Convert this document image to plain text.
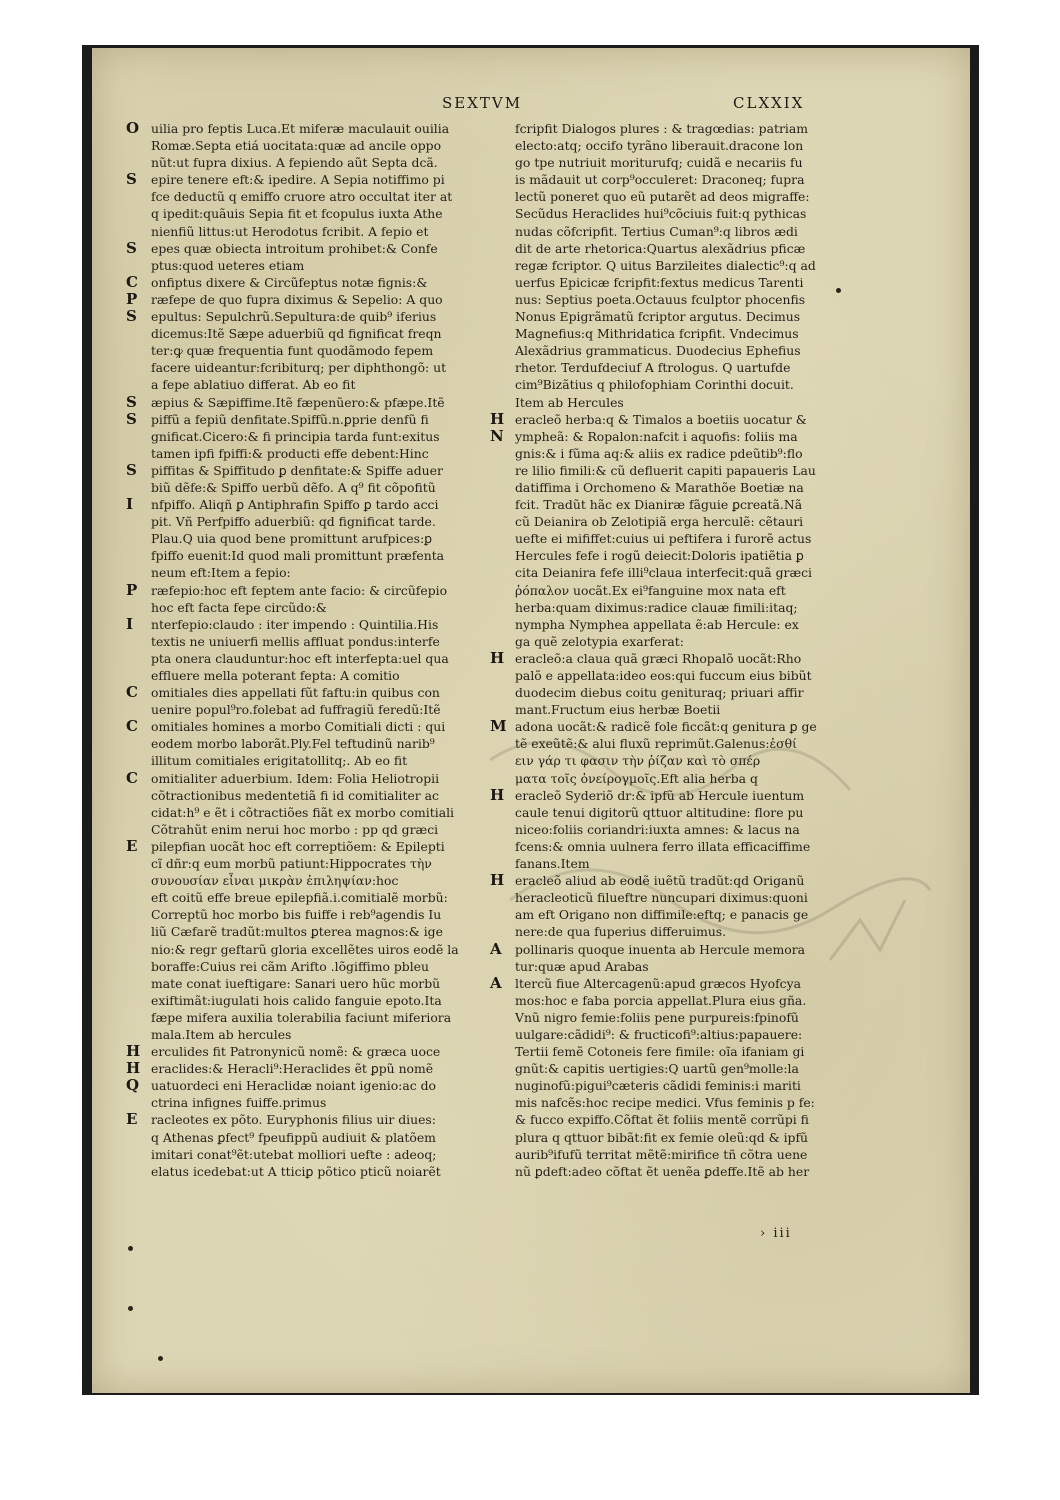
SEXTVM	CLXXIX
O uilia pro feptis Luca.Et miferæ maculauit ouilia
Romæ.Septa etiá uocitata:quæ ad ancile oppo
nũt:ut fupra dixius. A fepiendo aũt Septa dcã.
S	epire tenere eft:& ipedire. A Sepia notiffimo pi
fce deductũ q emiffo cruore atro occultat iter at
q ipedit:quãuis Sepia fit et fcopulus iuxta Athe
nienfiũ littus:ut Herodotus fcribit. A fepio et
S	epes quæ obiecta introitum prohibet:& Confe
ptus:quod ueteres etiam
C	onfiptus dixere & Circũfeptus notæ fignis:&
P	ræfepe de quo fupra diximus & Sepelio: A quo
S	epultus: Sepulchrũ.Sepultura:de quib⁹ iferius
dicemus:Itẽ Sæpe aduerbiũ qd fignificat freqn
ter:ꝙ quæ frequentia funt quodãmodo fepem
facere uideantur:fcribiturq; per diphthongõ: ut
a fepe ablatiuo differat. Ab eo fit
S	æpius & Sæpiffime.Itẽ fæpenũero:& pfæpe.Itẽ
S	piffũ a fepiũ denfitate.Spiffũ.n.ꝑprie denfũ fi
gnificat.Cicero:& fi principia tarda funt:exitus
tamen ipfi fpiffi:& producti effe debent:Hinc
S	piffitas & Spiffitudo ꝑ denfitate:& Spiffe aduer
biũ dẽfe:& Spiffo uerbũ dẽfo. A q⁹ fit cõpofitũ
I	nfpiffo. Aliqñ ꝑ Antiphrafin Spiffo ꝑ tardo acci
pit. Vñ Perfpiffo aduerbiũ: qd fignificat tarde.
Plau.Q uia quod bene promittunt arufpices:ꝑ
fpiffo euenit:Id quod mali promittunt præfenta
neum eft:Item a fepio:
P	ræfepio:hoc eft feptem ante facio: & circũfepio
hoc eft facta fepe circũdo:&
I	nterfepio:claudo : iter impendo : Quintilia.His
textis ne uniuerfi mellis affluat pondus:interfe
pta onera clauduntur:hoc eft interfepta:uel qua
effluere mella poterant fepta: A comitio
C	omitiales dies appellati fũt faftu:in quibus con
uenire popul⁹ro.folebat ad fuffragiũ feredũ:Itẽ
C	omitiales homines a morbo Comitiali dicti : qui
eodem morbo laborãt.Ply.Fel teftudinũ narib⁹
illitum comitiales erigitatollitq;. Ab eo fit
C	omitialiter aduerbium. Idem: Folia Heliotropii
cõtractionibus medentetiã fi id comitialiter ac
cidat:h⁹ e ẽt i cõtractiões fiãt ex morbo comitiali
Cõtrahũt enim nerui hoc morbo : pp qd græci
E	pilepfian uocãt hoc eft correptiõem: & Epilepti
cĩ dñr:q eum morbũ patiunt:Hippocrates τὴν
συνουσίαν εἶναι μικρὰν ἐπιληψίαν:hoc
eft coitũ effe breue epilepfiã.i.comitialẽ morbũ:
Correptũ hoc morbo bis fuiffe i reb⁹agendis Iu
liũ Cæfarẽ tradũt:multos ꝑterea magnos:& ige
nio:& regr geftarũ gloria excellẽtes uiros eodẽ la
boraffe:Cuius rei cãm Arifto .lõgiffimo pbleu
mate conat iueftigare: Sanari uero hũc morbũ
exiftimãt:iugulati hois calido fanguie epoto.Ita
fæpe mifera auxilia tolerabilia faciunt miferiora
mala.Item ab hercules
H erculides fit Patronynicũ nomẽ: & græca uoce
H eraclides:& Heracli⁹:Heraclides ẽt ꝑpũ nomẽ
Q uatuordeci eni Heraclidæ noiant igenio:ac do
ctrina infignes fuiffe.primus
E	racleotes ex põto. Euryphonis filius uir diues:
q Athenas ꝑfect⁹ fpeufippũ audiuit & platõem
imitari conat⁹ẽt:utebat molliori uefte : adeoq;
elatus icedebat:ut A tticiꝑ põtico pticũ noiarẽt
fcripfit Dialogos plures : & tragœdias: patriam
electo:atq; occifo tyrãno liberauit.dracone lon
go tpe nutriuit moriturufq; cuidã e necariis fu
is mãdauit ut corp⁹occuleret: Draconeq; fupra
lectũ poneret quo eũ putarẽt ad deos migraffe:
Secũdus Heraclides hui⁹cõciuis fuit:q pythicas
nudas cõfcripfit. Tertius Cuman⁹:q libros ædi
dit de arte rhetorica:Quartus alexãdrius pficæ
regæ fcriptor. Q uitus Barzileites dialectic⁹:q ad
uerfus Epicicæ fcripfit:fextus medicus Tarenti
nus: Septius poeta.Octauus fculptor phocenfis
Nonus Epigrãmatũ fcriptor argutus. Decimus
Magnefius:q Mithridatica fcripfit. Vndecimus
Alexãdrius grammaticus. Duodecius Ephefius
rhetor. Terdufdeciuf A ftrologus. Q uartufde
cim⁹Bizãtius q philofophiam Corinthi docuit.
Item ab Hercules
H eracleõ herba:q & Timalos a boetiis uocatur &
N ympheã: & Ropalon:nafcit i aquofis: foliis ma
gnis:& i fũma aq:& aliis ex radice pdeũtib⁹:flo
re lilio fimili:& cũ defluerit capiti papaueris Lau
datiffima i Orchomeno & Marathõe Boetiæ na
fcit. Tradũt hãc ex Dianiræ fãguie ꝑcreatã.Nã
cũ Deianira ob Zelotipiã erga herculẽ: cẽtauri
uefte ei mififfet:cuius ui peftifera i furorẽ actus
Hercules fefe i rogũ deiecit:Doloris ipatiẽtia ꝑ
cita Deianira fefe illi⁹claua interfecit:quã græci
ῥόπαλον uocãt.Ex ei⁹fanguine mox nata eft
herba:quam diximus:radice clauæ fimili:itaq;
nympha Nymphea appellata ẽ:ab Hercule: ex
ga quẽ zelotypia exarferat:
H eracleõ:a claua quã græci Rhopalõ uocãt:Rho
palõ e appellata:ideo eos:qui fuccum eius bibũt
duodecim diebus coitu genituraq; priuari affir
mant.Fructum eius herbæ Boetii
M adona uocãt:& radicẽ fole ficcãt:q genitura ꝑ ge
tẽ exeũtẽ:& alui fluxũ reprimũt.Galenus:ἐσθί
ειν γάρ τι φασιν τὴν ῥίζαν καὶ τὸ σπέρ
ματα τοῖς ὀνείρογμοῖς.Eft alia herba q
H eracleõ Syderiõ dr:& ipfũ ab Hercule iuentum
caule tenui digitorũ qttuor altitudine: flore pu
niceo:foliis coriandri:iuxta amnes: & lacus na
fcens:& omnia uulnera ferro illata efficaciffime
fanans.Item
H eracleõ aliud ab eodẽ iuẽtũ tradũt:qd Origanũ
heracleoticũ filueftre nuncupari diximus:quoni
am eft Origano non diffimile:eftq; e panacis ge
nere:de qua fuperius differuimus.
A	pollinaris quoque inuenta ab Hercule memora
tur:quæ apud Arabas
A	ltercũ fiue Altercagenũ:apud græcos Hyofcya
mos:hoc e faba porcia appellat.Plura eius gña.
Vnũ nigro femie:foliis pene purpureis:fpinofũ
uulgare:cãdidi⁹: & fructicofi⁹:altius:papauere:
Tertii femẽ Cotoneis fere fimile: oĩa ifaniam gi
gnũt:& capitis uertigies:Q uartũ gen⁹molle:la
nuginofũ:pigui⁹cæteris cãdidi feminis:i mariti
mis nafcẽs:hoc recipe medici. Vfus feminis p fe:
& fucco expiffo.Cõftat ẽt foliis mentẽ corrũpi fi
plura q qttuor bibãt:fit ex femie oleũ:qd & ipfũ
aurib⁹ifufũ territat mẽtẽ:mirifice tñ cõtra uene
nũ ꝑdeft:adeo cõftat ẽt uenẽa ꝑdeffe.Itẽ ab her
› iii
